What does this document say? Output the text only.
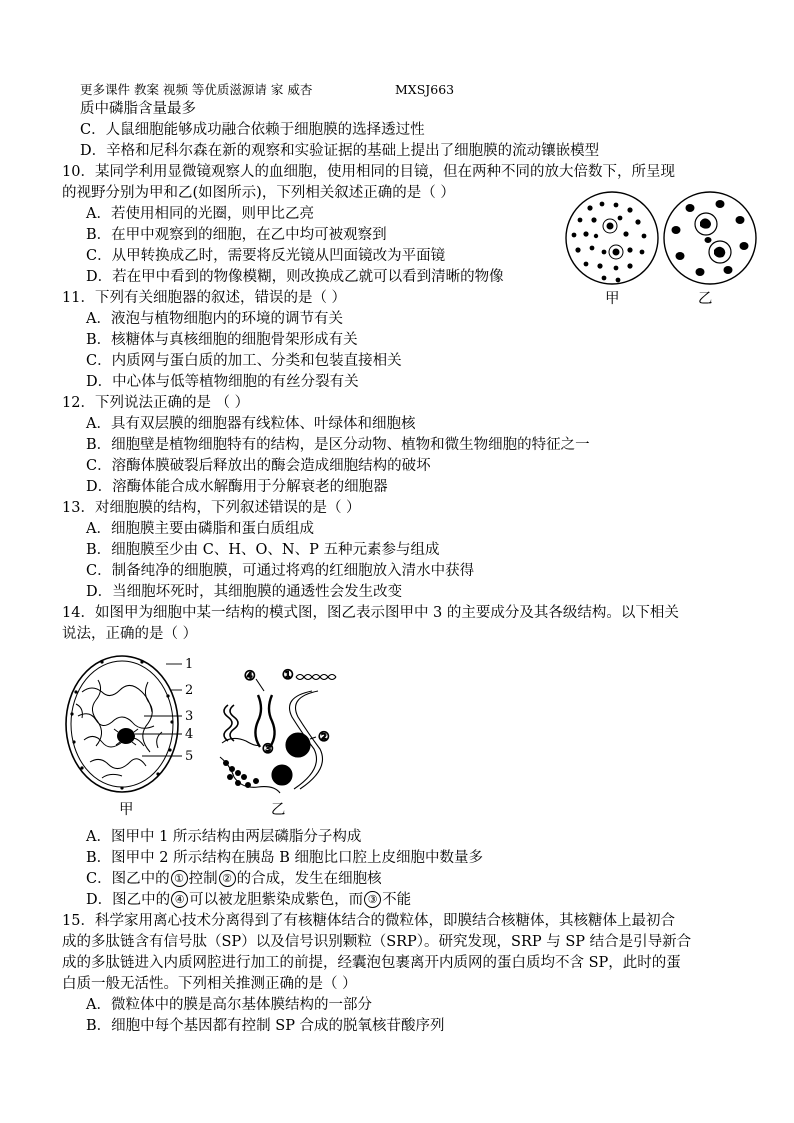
更多课件 教案 视频 等优质滋源请 家 威杏	MXSJ663
质中磷脂含量最多
C．人鼠细胞能够成功融合依赖于细胞膜的选择透过性
D．辛格和尼科尔森在新的观察和实验证据的基础上提出了细胞膜的流动镶嵌模型
10．某同学利用显微镜观察人的血细胞，使用相同的目镜，但在两种不同的放大倍数下，所呈现
的视野分别为甲和乙(如图所示)，下列相关叙述正确的是（ ）
A．若使用相同的光圈，则甲比乙亮
B．在甲中观察到的细胞，在乙中均可被观察到
C．从甲转换成乙时，需要将反光镜从凹面镜改为平面镜
D．若在甲中看到的物像模糊，则改换成乙就可以看到清晰的物像
甲	乙
11．下列有关细胞器的叙述，错误的是（ ）
A．液泡与植物细胞内的环境的调节有关
B．核糖体与真核细胞的细胞骨架形成有关
C．内质网与蛋白质的加工、分类和包装直接相关
D．中心体与低等植物细胞的有丝分裂有关
12．下列说法正确的是 （ ）
A．具有双层膜的细胞器有线粒体、叶绿体和细胞核
B．细胞壁是植物细胞特有的结构，是区分动物、植物和微生物细胞的特征之一
C．溶酶体膜破裂后释放出的酶会造成细胞结构的破坏
D．溶酶体能合成水解酶用于分解衰老的细胞器
13．对细胞膜的结构，下列叙述错误的是（ ）
A．细胞膜主要由磷脂和蛋白质组成
B．细胞膜至少由 C、H、O、N、P 五种元素参与组成
C．制备纯净的细胞膜，可通过将鸡的红细胞放入清水中获得
D．当细胞坏死时，其细胞膜的通透性会发生改变
14．如图甲为细胞中某一结构的模式图，图乙表示图甲中 3 的主要成分及其各级结构。以下相关
说法，正确的是（ ）
1
2
3
4
5
甲
④ ①
②
③
乙
A．图甲中 1 所示结构由两层磷脂分子构成
B．图甲中 2 所示结构在胰岛 B 细胞比口腔上皮细胞中数量多
C．图乙中的 ① 控制 ② 的合成，发生在细胞核
D．图乙中的 ④ 可以被龙胆紫染成紫色，而 ③ 不能
15．科学家用离心技术分离得到了有核糖体结合的微粒体，即膜结合核糖体，其核糖体上最初合
成的多肽链含有信号肽（SP）以及信号识别颗粒（SRP）。研究发现，SRP 与 SP 结合是引导新合
成的多肽链进入内质网腔进行加工的前提，经囊泡包裹离开内质网的蛋白质均不含 SP，此时的蛋
白质一般无活性。下列相关推测正确的是（ ）
A．微粒体中的膜是高尔基体膜结构的一部分
B．细胞中每个基因都有控制 SP 合成的脱氧核苷酸序列
